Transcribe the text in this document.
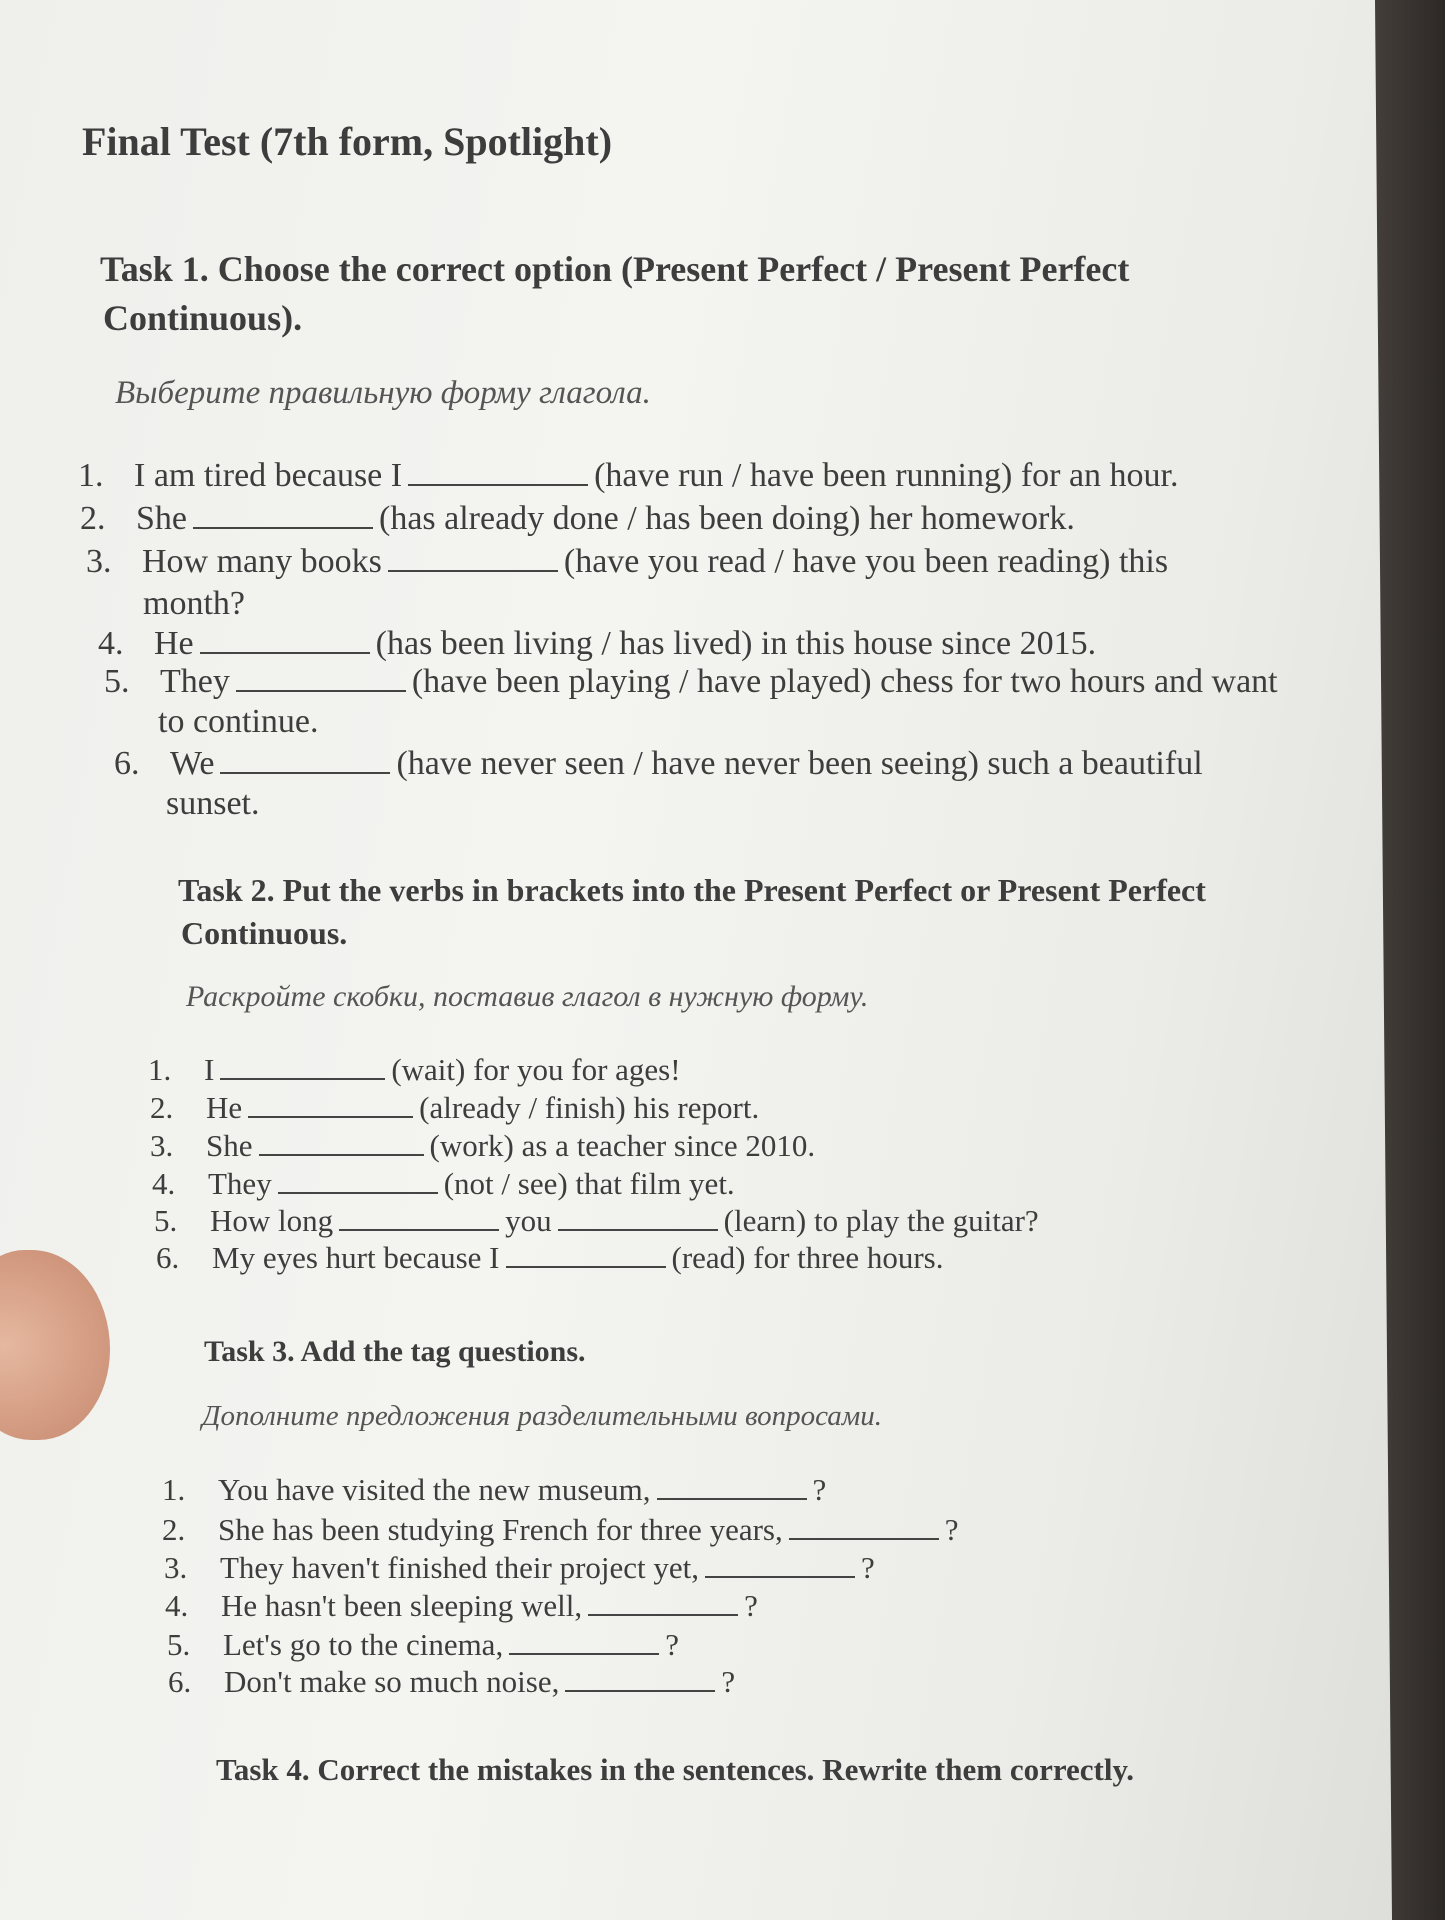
Final Test (7th form, Spotlight)
Task 1. Choose the correct option (Present Perfect / Present Perfect
Continuous).
Выберите правильную форму глагола.
1. I am tired because I	(have run / have been running) for an hour.
2. She	(has already done / has been doing) her homework.
3. How many books	(have you read / have you been reading) this
month?
4. He	(has been living / has lived) in this house since 2015.
5. They	(have been playing / have played) chess for two hours and want
to continue.
6. We	(have never seen / have never been seeing) such a beautiful
sunset.
Task 2. Put the verbs in brackets into the Present Perfect or Present Perfect
Continuous.
Раскройте скобки, поставив глагол в нужную форму.
1. I	(wait) for you for ages!
2. He	(already / finish) his report.
3. She	(work) as a teacher since 2010.
4. They	(not / see) that film yet.
5. How long	you	(learn) to play the guitar?
6. My eyes hurt because I	(read) for three hours.
Task 3. Add the tag questions.
Дополните предложения разделительными вопросами.
1. You have visited the new museum,	?
2. She has been studying French for three years,	?
3. They haven't finished their project yet,	?
4. He hasn't been sleeping well,	?
5. Let's go to the cinema,	?
6. Don't make so much noise,	?
Task 4. Correct the mistakes in the sentences. Rewrite them correctly.
